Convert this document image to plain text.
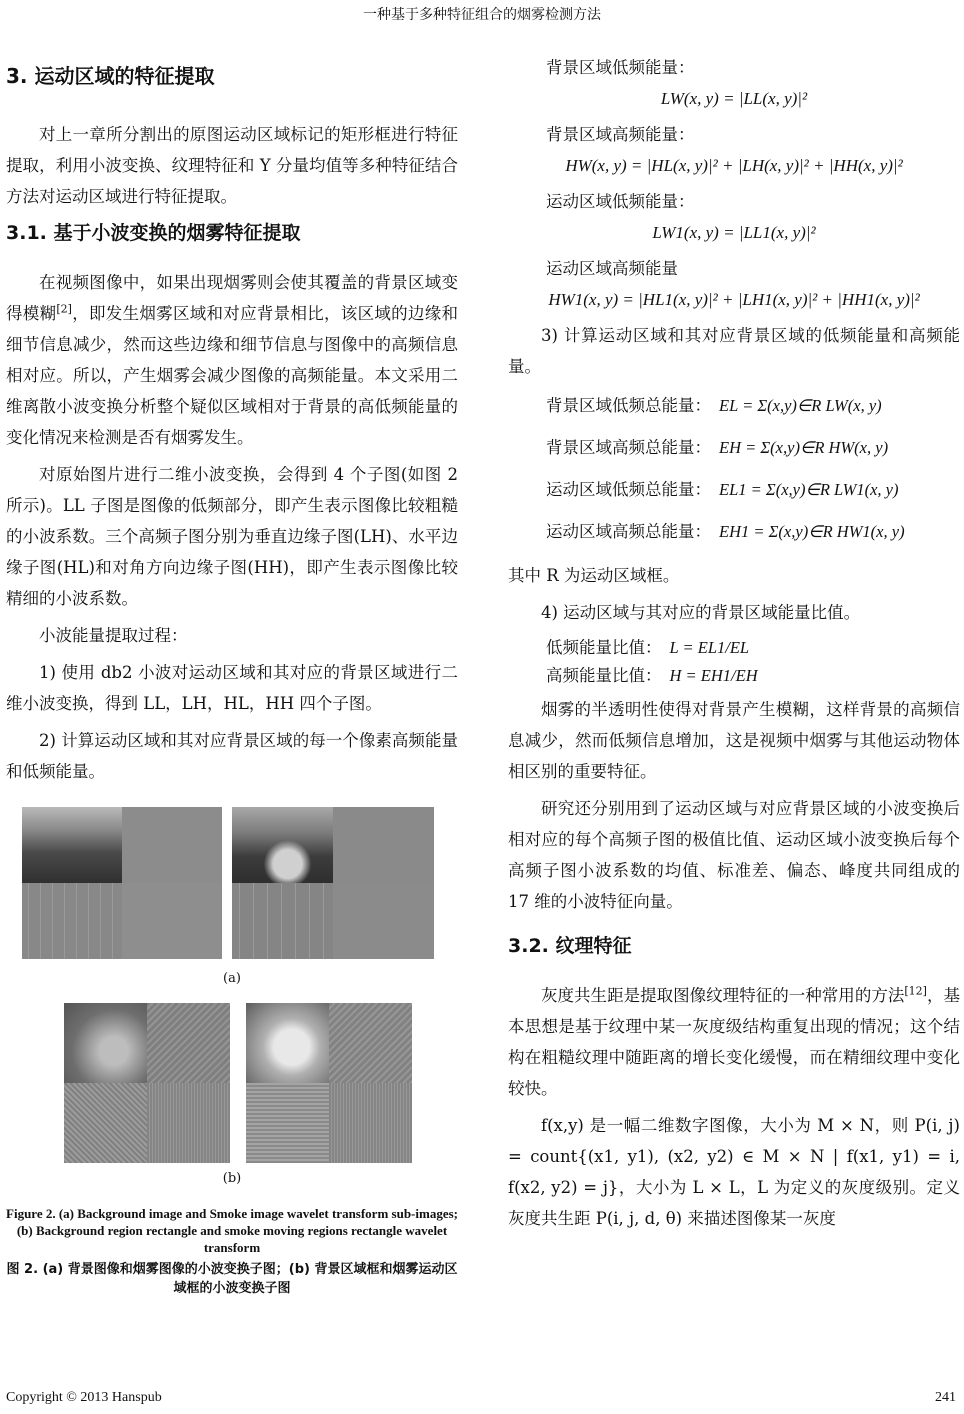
一种基于多种特征组合的烟雾检测方法
3. 运动区域的特征提取

对上一章所分割出的原图运动区域标记的矩形框进行特征提取，利用小波变换、纹理特征和 Y 分量均值等多种特征结合方法对运动区域进行特征提取。

3.1. 基于小波变换的烟雾特征提取

在视频图像中，如果出现烟雾则会使其覆盖的背景区域变得模糊[2]，即发生烟雾区域和对应背景相比，该区域的边缘和细节信息减少，然而这些边缘和细节信息与图像中的高频信息相对应。所以，产生烟雾会减少图像的高频能量。本文采用二维离散小波变换分析整个疑似区域相对于背景的高低频能量的变化情况来检测是否有烟雾发生。

对原始图片进行二维小波变换，会得到 4 个子图(如图 2 所示)。LL 子图是图像的低频部分，即产生表示图像比较粗糙的小波系数。三个高频子图分别为垂直边缘子图(LH)、水平边缘子图(HL)和对角方向边缘子图(HH)，即产生表示图像比较精细的小波系数。

小波能量提取过程：

1) 使用 db2 小波对运动区域和其对应的背景区域进行二维小波变换，得到 LL，LH，HL，HH 四个子图。

2) 计算运动区域和其对应背景区域的每一个像素高频能量和低频能量。

(a)
(b)
Figure 2. (a) Background image and Smoke image wavelet transform sub-images; (b) Background region rectangle and smoke moving regions rectangle wavelet transform
图 2. (a) 背景图像和烟雾图像的小波变换子图；(b) 背景区域框和烟雾运动区域框的小波变换子图

背景区域低频能量：

LW(x, y) = |LL(x, y)|²

背景区域高频能量：

HW(x, y) = |HL(x, y)|² + |LH(x, y)|² + |HH(x, y)|²

运动区域低频能量：

LW1(x, y) = |LL1(x, y)|²

运动区域高频能量

HW1(x, y) = |HL1(x, y)|² + |LH1(x, y)|² + |HH1(x, y)|²

3) 计算运动区域和其对应背景区域的低频能量和高频能量。

背景区域低频总能量： EL = Σ(x,y)∈R LW(x, y)
背景区域高频总能量： EH = Σ(x,y)∈R HW(x, y)
运动区域低频总能量： EL1 = Σ(x,y)∈R LW1(x, y)
运动区域高频总能量： EH1 = Σ(x,y)∈R HW1(x, y)

其中 R 为运动区域框。

4) 运动区域与其对应的背景区域能量比值。

低频能量比值： L = EL1/EL
高频能量比值： H = EH1/EH

烟雾的半透明性使得对背景产生模糊，这样背景的高频信息减少，然而低频信息增加，这是视频中烟雾与其他运动物体相区别的重要特征。

研究还分别用到了运动区域与对应背景区域的小波变换后相对应的每个高频子图的极值比值、运动区域小波变换后每个高频子图小波系数的均值、标准差、偏态、峰度共同组成的 17 维的小波特征向量。

3.2. 纹理特征

灰度共生距是提取图像纹理特征的一种常用的方法[12]，基本思想是基于纹理中某一灰度级结构重复出现的情况；这个结构在粗糙纹理中随距离的增长变化缓慢，而在精细纹理中变化较快。

f(x,y) 是一幅二维数字图像，大小为 M × N，则 P(i, j) = count{(x1, y1), (x2, y2) ∈ M × N | f(x1, y1) = i, f(x2, y2) = j}，大小为 L × L，L 为定义的灰度级别。定义灰度共生距 P(i, j, d, θ) 来描述图像某一灰度

Copyright © 2013 Hanspub	241
